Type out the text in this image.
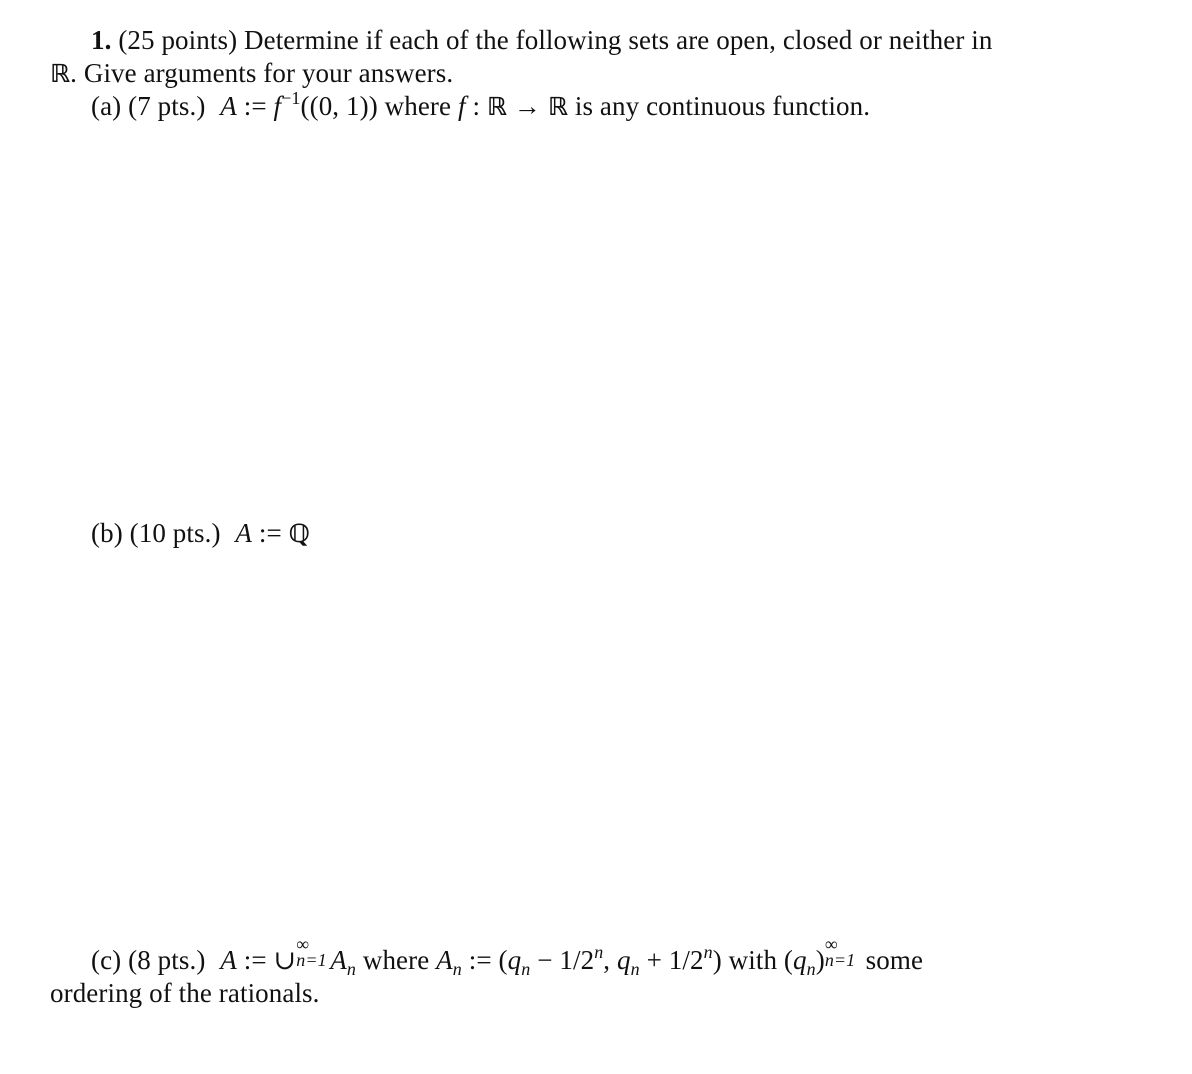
1. (25 points) Determine if each of the following sets are open, closed or neither in
ℝ. Give arguments for your answers.
(a) (7 pts.) A := $f^{-1}((0$, 1)) where f : ℝ → ℝ is any continuous function.
(b) (10 pts.) A := ℚ
(c) (8 pts.) A := ∪
∞
n=1 $A_n$ where $A_n$ := ($q_n - 1/2^n$, $q_n + 1/2^n$) with $(q_n)$
∞
n=1 some
ordering of the rationals.
